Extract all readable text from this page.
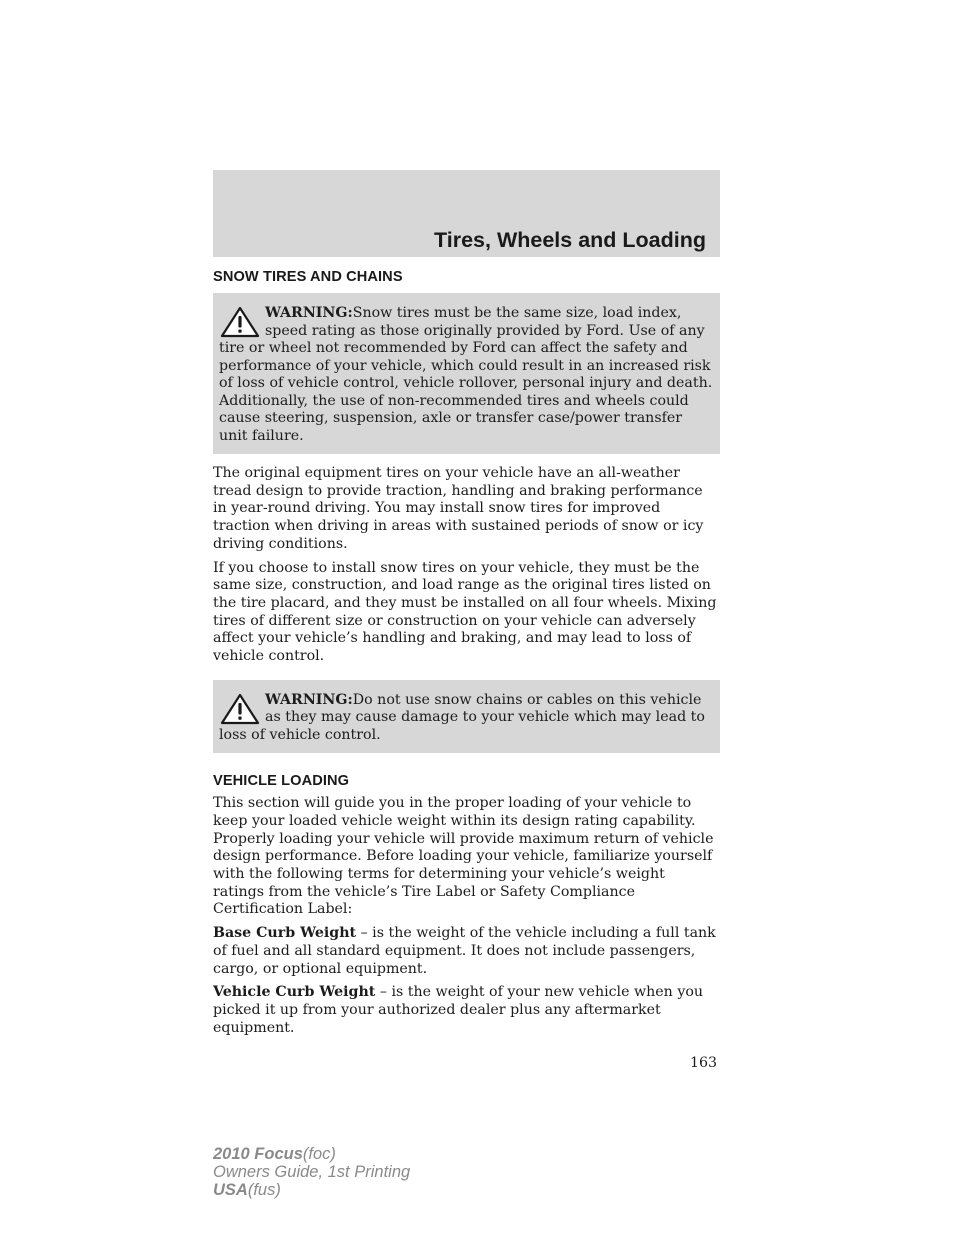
Tires, Wheels and Loading
SNOW TIRES AND CHAINS
WARNING:Snow tires must be the same size, load index, speed rating as those originally provided by Ford. Use of any tire or wheel not recommended by Ford can affect the safety and performance of your vehicle, which could result in an increased risk of loss of vehicle control, vehicle rollover, personal injury and death. Additionally, the use of non-recommended tires and wheels could cause steering, suspension, axle or transfer case/power transfer unit failure.

The original equipment tires on your vehicle have an all-weather tread design to provide traction, handling and braking performance in year-round driving. You may install snow tires for improved traction when driving in areas with sustained periods of snow or icy driving conditions.

If you choose to install snow tires on your vehicle, they must be the same size, construction, and load range as the original tires listed on the tire placard, and they must be installed on all four wheels. Mixing tires of different size or construction on your vehicle can adversely affect your vehicle’s handling and braking, and may lead to loss of vehicle control.

WARNING:Do not use snow chains or cables on this vehicle as they may cause damage to your vehicle which may lead to loss of vehicle control.
VEHICLE LOADING

This section will guide you in the proper loading of your vehicle to keep your loaded vehicle weight within its design rating capability. Properly loading your vehicle will provide maximum return of vehicle design performance. Before loading your vehicle, familiarize yourself with the following terms for determining your vehicle’s weight ratings from the vehicle’s Tire Label or Safety Compliance Certification Label:

Base Curb Weight – is the weight of the vehicle including a full tank of fuel and all standard equipment. It does not include passengers, cargo, or optional equipment.

Vehicle Curb Weight – is the weight of your new vehicle when you picked it up from your authorized dealer plus any aftermarket equipment.

163
2010 Focus(foc)
Owners Guide, 1st Printing
USA(fus)
